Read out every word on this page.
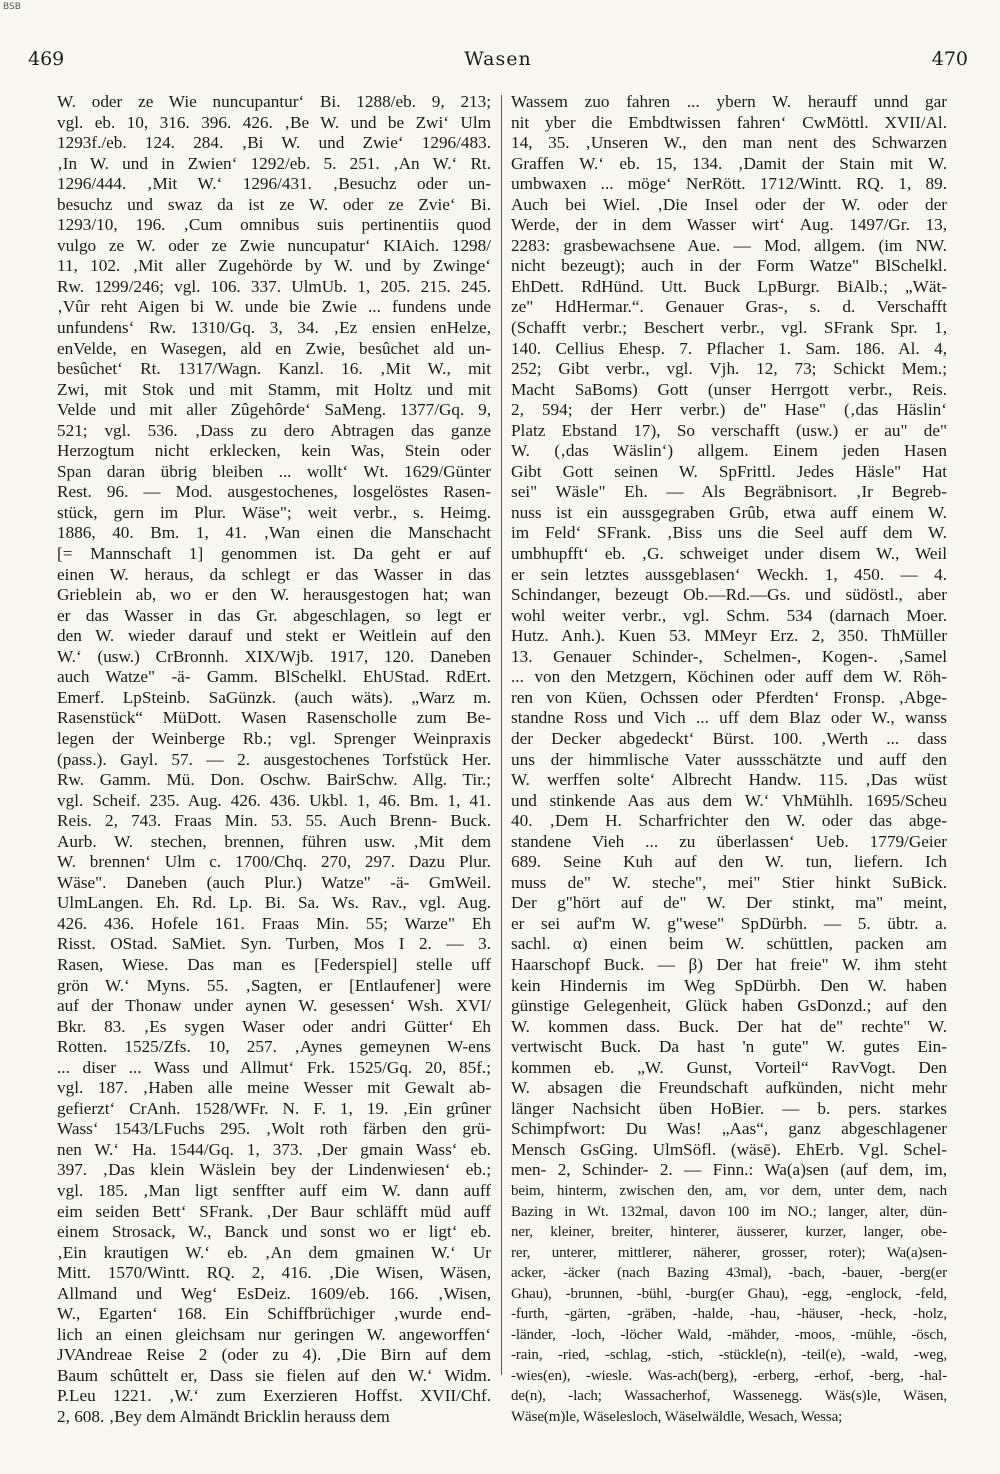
BSB
469	Wasen	470
W. oder ze Wie nuncupantur‘ Bi. 1288/eb. 9, 213;
vgl. eb. 10, 316. 396. 426. ‚Be W. und be Zwi‘ Ulm
1293f./eb. 124. 284. ‚Bi W. und Zwie‘ 1296/483.
‚In W. und in Zwien‘ 1292/eb. 5. 251. ‚An W.‘ Rt.
1296/444. ‚Mit W.‘ 1296/431. ‚Besuchz oder un-
besuchz und swaz da ist ze W. oder ze Zvie‘ Bi.
1293/10, 196. ‚Cum omnibus suis pertinentiis quod
vulgo ze W. oder ze Zwie nuncupatur‘ KIAich. 1298/
11, 102. ‚Mit aller Zugehörde by W. und by Zwinge‘
Rw. 1299/246; vgl. 106. 337. UlmUb. 1, 205. 215. 245.
‚Vûr reht Aigen bi W. unde bie Zwie ... fundens unde
unfundens‘ Rw. 1310/Gq. 3, 34. ‚Ez ensien enHelze,
enVelde, en Wasegen, ald en Zwie, besûchet ald un-
besûchet‘ Rt. 1317/Wagn. Kanzl. 16. ‚Mit W., mit
Zwi, mit Stok und mit Stamm, mit Holtz und mit
Velde und mit aller Zûgehôrde‘ SaMeng. 1377/Gq. 9,
521; vgl. 536. ‚Dass zu dero Abtragen das ganze
Herzogtum nicht erklecken, kein Was, Stein oder
Span daran übrig bleiben ... wollt‘ Wt. 1629/Günter
Rest. 96. — Mod. ausgestochenes, losgelöstes Rasen-
stück, gern im Plur. Wäse"; weit verbr., s. Heimg.
1886, 40. Bm. 1, 41. ‚Wan einen die Manschacht
[= Mannschaft 1] genommen ist. Da geht er auf
einen W. heraus, da schlegt er das Wasser in das
Grieblein ab, wo er den W. herausgestogen hat; wan
er das Wasser in das Gr. abgeschlagen, so legt er
den W. wieder darauf und stekt er Weitlein auf den
W.‘ (usw.) CrBronnh. XIX/Wjb. 1917, 120. Daneben
auch Watze" -ä- Gamm. BlSchelkl. EhUStad. RdErt.
Emerf. LpSteinb. SaGünzk. (auch wäts). „Warz m.
Rasenstück“ MüDott. Wasen Rasenscholle zum Be-
legen der Weinberge Rb.; vgl. Sprenger Weinpraxis
(pass.). Gayl. 57. — 2. ausgestochenes Torfstück Her.
Rw. Gamm. Mü. Don. Oschw. BairSchw. Allg. Tir.;
vgl. Scheif. 235. Aug. 426. 436. Ukbl. 1, 46. Bm. 1, 41.
Reis. 2, 743. Fraas Min. 53. 55. Auch Brenn- Buck.
Aurb. W. stechen, brennen, führen usw. ‚Mit dem
W. brennen‘ Ulm c. 1700/Chq. 270, 297. Dazu Plur.
Wäse". Daneben (auch Plur.) Watze" -ä- GmWeil.
UlmLangen. Eh. Rd. Lp. Bi. Sa. Ws. Rav., vgl. Aug.
426. 436. Hofele 161. Fraas Min. 55; Warze" Eh
Risst. OStad. SaMiet. Syn. Turben, Mos I 2. — 3.
Rasen, Wiese. Das man es [Federspiel] stelle uff
grön W.‘ Myns. 55. ‚Sagten, er [Entlaufener] were
auf der Thonaw under aynen W. gesessen‘ Wsh. XVI/
Bkr. 83. ‚Es sygen Waser oder andri Gütter‘ Eh
Rotten. 1525/Zfs. 10, 257. ‚Aynes gemeynen W-ens
... diser ... Wass und Allmut‘ Frk. 1525/Gq. 20, 85f.;
vgl. 187. ‚Haben alle meine Wesser mit Gewalt ab-
gefierzt‘ CrAnh. 1528/WFr. N. F. 1, 19. ‚Ein grûner
Wass‘ 1543/LFuchs 295. ‚Wolt roth färben den grü-
nen W.‘ Ha. 1544/Gq. 1, 373. ‚Der gmain Wass‘ eb.
397. ‚Das klein Wäslein bey der Lindenwiesen‘ eb.;
vgl. 185. ‚Man ligt senffter auff eim W. dann auff
eim seiden Bett‘ SFrank. ‚Der Baur schläfft müd auff
einem Strosack, W., Banck und sonst wo er ligt‘ eb.
‚Ein krautigen W.‘ eb. ‚An dem gmainen W.‘ Ur
Mitt. 1570/Wintt. RQ. 2, 416. ‚Die Wisen, Wäsen,
Allmand und Weg‘ EsDeiz. 1609/eb. 166. ‚Wisen,
W., Egarten‘ 168. Ein Schiffbrüchiger ‚wurde end-
lich an einen gleichsam nur geringen W. angeworffen‘
JVAndreae Reise 2 (oder zu 4). ‚Die Birn auf dem
Baum schûttelt er, Dass sie fielen auf den W.‘ Widm.
P.Leu 1221. ‚W.‘ zum Exerzieren Hoffst. XVII/Chf.
2, 608. ‚Bey dem Almändt Bricklin herauss dem
Wassem zuo fahren ... ybern W. herauff unnd gar
nit yber die Embdtwissen fahren‘ CwMöttl. XVII/Al.
14, 35. ‚Unseren W., den man nent des Schwarzen
Graffen W.‘ eb. 15, 134. ‚Damit der Stain mit W.
umbwaxen ... möge‘ NerRött. 1712/Wintt. RQ. 1, 89.
Auch bei Wiel. ‚Die Insel oder der W. oder der
Werde, der in dem Wasser wirt‘ Aug. 1497/Gr. 13,
2283: grasbewachsene Aue. — Mod. allgem. (im NW.
nicht bezeugt); auch in der Form Watze" BlSchelkl.
EhDett. RdHünd. Utt. Buck LpBurgr. BiAlb.; „Wät-
ze" HdHermar.“. Genauer Gras-, s. d. Verschafft
(Schafft verbr.; Beschert verbr., vgl. SFrank Spr. 1,
140. Cellius Ehesp. 7. Pflacher 1. Sam. 186. Al. 4,
252; Gibt verbr., vgl. Vjh. 12, 73; Schickt Mem.;
Macht SaBoms) Gott (unser Herrgott verbr., Reis.
2, 594; der Herr verbr.) de" Hase" (‚das Häslin‘
Platz Ebstand 17), So verschafft (usw.) er au" de"
W. (‚das Wäslin‘) allgem. Einem jeden Hasen
Gibt Gott seinen W. SpFrittl. Jedes Häsle" Hat
sei" Wäsle" Eh. — Als Begräbnisort. ‚Ir Begreb-
nuss ist ein aussgegraben Grûb, etwa auff einem W.
im Feld‘ SFrank. ‚Biss uns die Seel auff dem W.
umbhupfft‘ eb. ‚G. schweiget under disem W., Weil
er sein letztes aussgeblasen‘ Weckh. 1, 450. — 4.
Schindanger, bezeugt Ob.—Rd.—Gs. und südöstl., aber
wohl weiter verbr., vgl. Schm. 534 (darnach Moer.
Hutz. Anh.). Kuen 53. MMeyr Erz. 2, 350. ThMüller
13. Genauer Schinder-, Schelmen-, Kogen-. ‚Samel
... von den Metzgern, Köchinen oder auff dem W. Röh-
ren von Küen, Ochssen oder Pferdten‘ Fronsp. ‚Abge-
standne Ross und Vich ... uff dem Blaz oder W., wanss
der Decker abgedeckt‘ Bürst. 100. ‚Werth ... dass
uns der himmlische Vater aussschätzte und auff den
W. werffen solte‘ Albrecht Handw. 115. ‚Das wüst
und stinkende Aas aus dem W.‘ VhMühlh. 1695/Scheu
40. ‚Dem H. Scharfrichter den W. oder das abge-
standene Vieh ... zu überlassen‘ Ueb. 1779/Geier
689. Seine Kuh auf den W. tun, liefern. Ich
muss de" W. steche", mei" Stier hinkt SuBick.
Der g"hört auf de" W. Der stinkt, ma" meint,
er sei auf'm W. g"wese" SpDürbh. — 5. übtr. a.
sachl. α) einen beim W. schüttlen, packen am
Haarschopf Buck. — β) Der hat freie" W. ihm steht
kein Hindernis im Weg SpDürbh. Den W. haben
günstige Gelegenheit, Glück haben GsDonzd.; auf den
W. kommen dass. Buck. Der hat de" rechte" W.
vertwischt Buck. Da hast 'n gute" W. gutes Ein-
kommen eb. „W. Gunst, Vorteil“ RavVogt. Den
W. absagen die Freundschaft aufkünden, nicht mehr
länger Nachsicht üben HoBier. — b. pers. starkes
Schimpfwort: Du Was! „Aas“, ganz abgeschlagener
Mensch GsGing. UlmSöfl. (wäsē). EhErb. Vgl. Schel-
men- 2, Schinder- 2. — Finn.: Wa(a)sen (auf dem, im,
beim, hinterm, zwischen den, am, vor dem, unter dem, nach
Bazing in Wt. 132mal, davon 100 im NO.; langer, alter, dün-
ner, kleiner, breiter, hinterer, äusserer, kurzer, langer, obe-
rer, unterer, mittlerer, näherer, grosser, roter); Wa(a)sen-
acker, -äcker (nach Bazing 43mal), -bach, -bauer, -berg(er
Ghau), -brunnen, -bühl, -burg(er Ghau), -egg, -englock, -feld,
-furth, -gärten, -gräben, -halde, -hau, -häuser, -heck, -holz,
-länder, -loch, -löcher Wald, -mähder, -moos, -mühle, -ösch,
-rain, -ried, -schlag, -stich, -stückle(n), -teil(e), -wald, -weg,
-wies(en), -wiesle. Was-ach(berg), -erberg, -erhof, -berg, -hal-
de(n), -lach; Wassacherhof, Wassenegg. Wäs(s)le, Wäsen,
Wäse(m)le, Wäselesloch, Wäselwäldle, Wesach, Wessa;
